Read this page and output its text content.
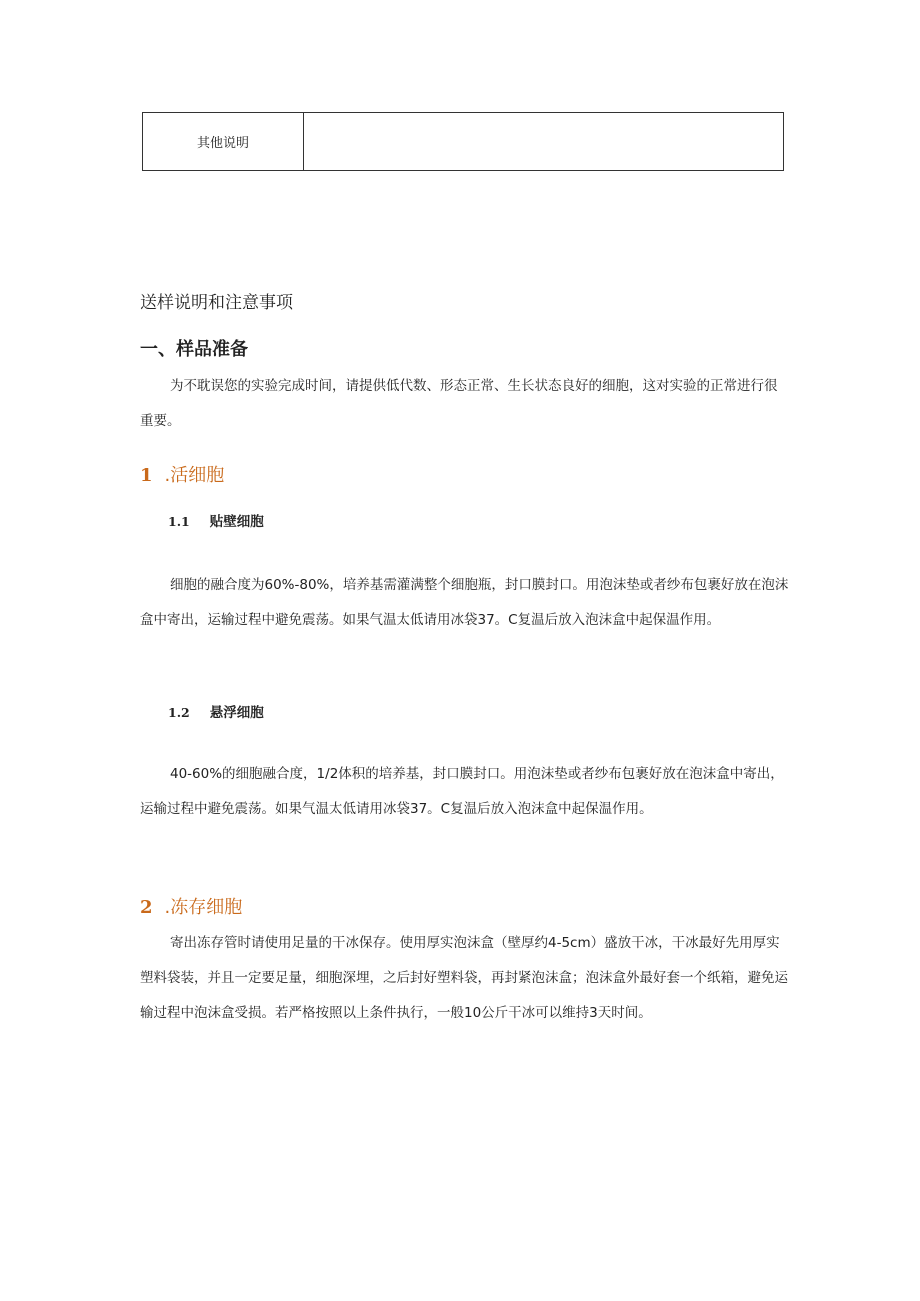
其他说明	
送样说明和注意事项
一、样品准备

为不耽误您的实验完成时间，请提供低代数、形态正常、生长状态良好的细胞，这对实验的正常进行很重要。

1 .活细胞
1.1 贴壁细胞

细胞的融合度为60%-80%，培养基需灌满整个细胞瓶，封口膜封口。用泡沫垫或者纱布包裹好放在泡沫盒中寄出，运输过程中避免震荡。如果气温太低请用冰袋37。C复温后放入泡沫盒中起保温作用。

1.2 悬浮细胞

40-60%的细胞融合度，1/2体积的培养基，封口膜封口。用泡沫垫或者纱布包裹好放在泡沫盒中寄出，运输过程中避免震荡。如果气温太低请用冰袋37。C复温后放入泡沫盒中起保温作用。

2 .冻存细胞

寄出冻存管时请使用足量的干冰保存。使用厚实泡沫盒（壁厚约4-5cm）盛放干冰，干冰最好先用厚实塑料袋装，并且一定要足量，细胞深埋，之后封好塑料袋，再封紧泡沫盒；泡沫盒外最好套一个纸箱，避免运输过程中泡沫盒受损。若严格按照以上条件执行，一般10公斤干冰可以维持3天时间。
